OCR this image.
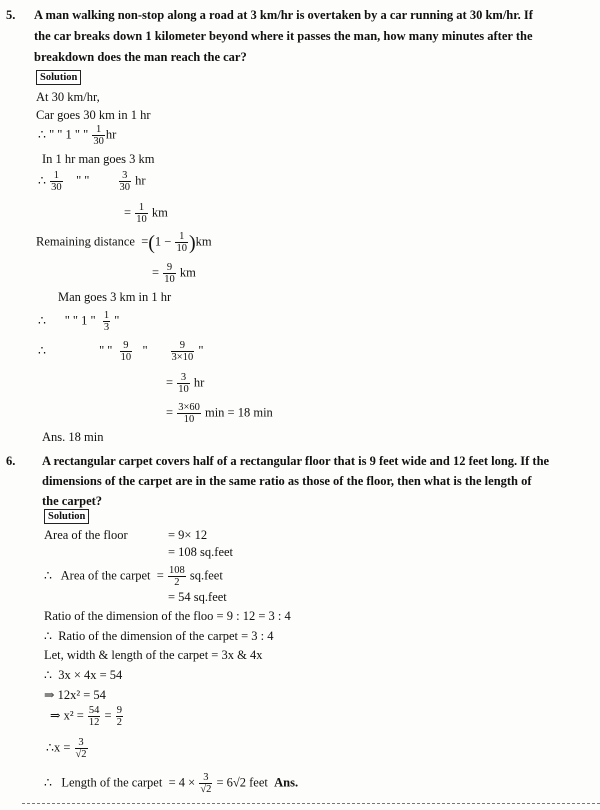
5. A man walking non-stop along a road at 3 km/hr is overtaken by a car running at 30 km/hr. If
the car breaks down 1 kilometer beyond where it passes the man, how many minutes after the
breakdown does the man reach the car?
Solution
At 30 km/hr,
Car goes 30 km in 1 hr
∴ " " 1 " " $\frac{1}{30}$ hr
In 1 hr man goes 3 km
∴ $\frac{1}{30}$ " "	$\frac{3}{30}$ hr
= $\frac{1}{10}$ km
Remaining distance $=(1 - \frac{1}{10} )km$
= $\frac{9}{10}$ km
Man goes 3 km in 1 hr
∴ " " 1 " $\frac{1}{3}$ "
∴	" " $\frac{9}{10}$ " $\frac{9}{3\times 10}$ "
= $\frac{3}{10}$ hr
= $\frac{3\times 60}{10}$ min = 18 min
Ans. 18 min
6. A rectangular carpet covers half of a rectangular floor that is 9 feet wide and 12 feet long. If the
dimensions of the carpet are in the same ratio as those of the floor, then what is the length of
the carpet?
Solution
Area of the floor	= 9× 12
= 108 sq.feet
∴ Area of the carpet = $\frac{108}{2}$ sq.feet
= 54 sq.feet
Ratio of the dimension of the floo = 9 : 12 = 3 : 4
∴ Ratio of the dimension of the carpet = 3 : 4
Let, width & length of the carpet = 3x & 4x
∴ 3x × 4x = 54
⇒ 12x² = 54
⇒ $x^2 = \frac{54}{12} = \frac{9}{2}$
∴x = $\frac{3}{√2}$
∴ Length of the carpet = $4 \times \frac{3}{√2} = 6√2$ feet Ans.
